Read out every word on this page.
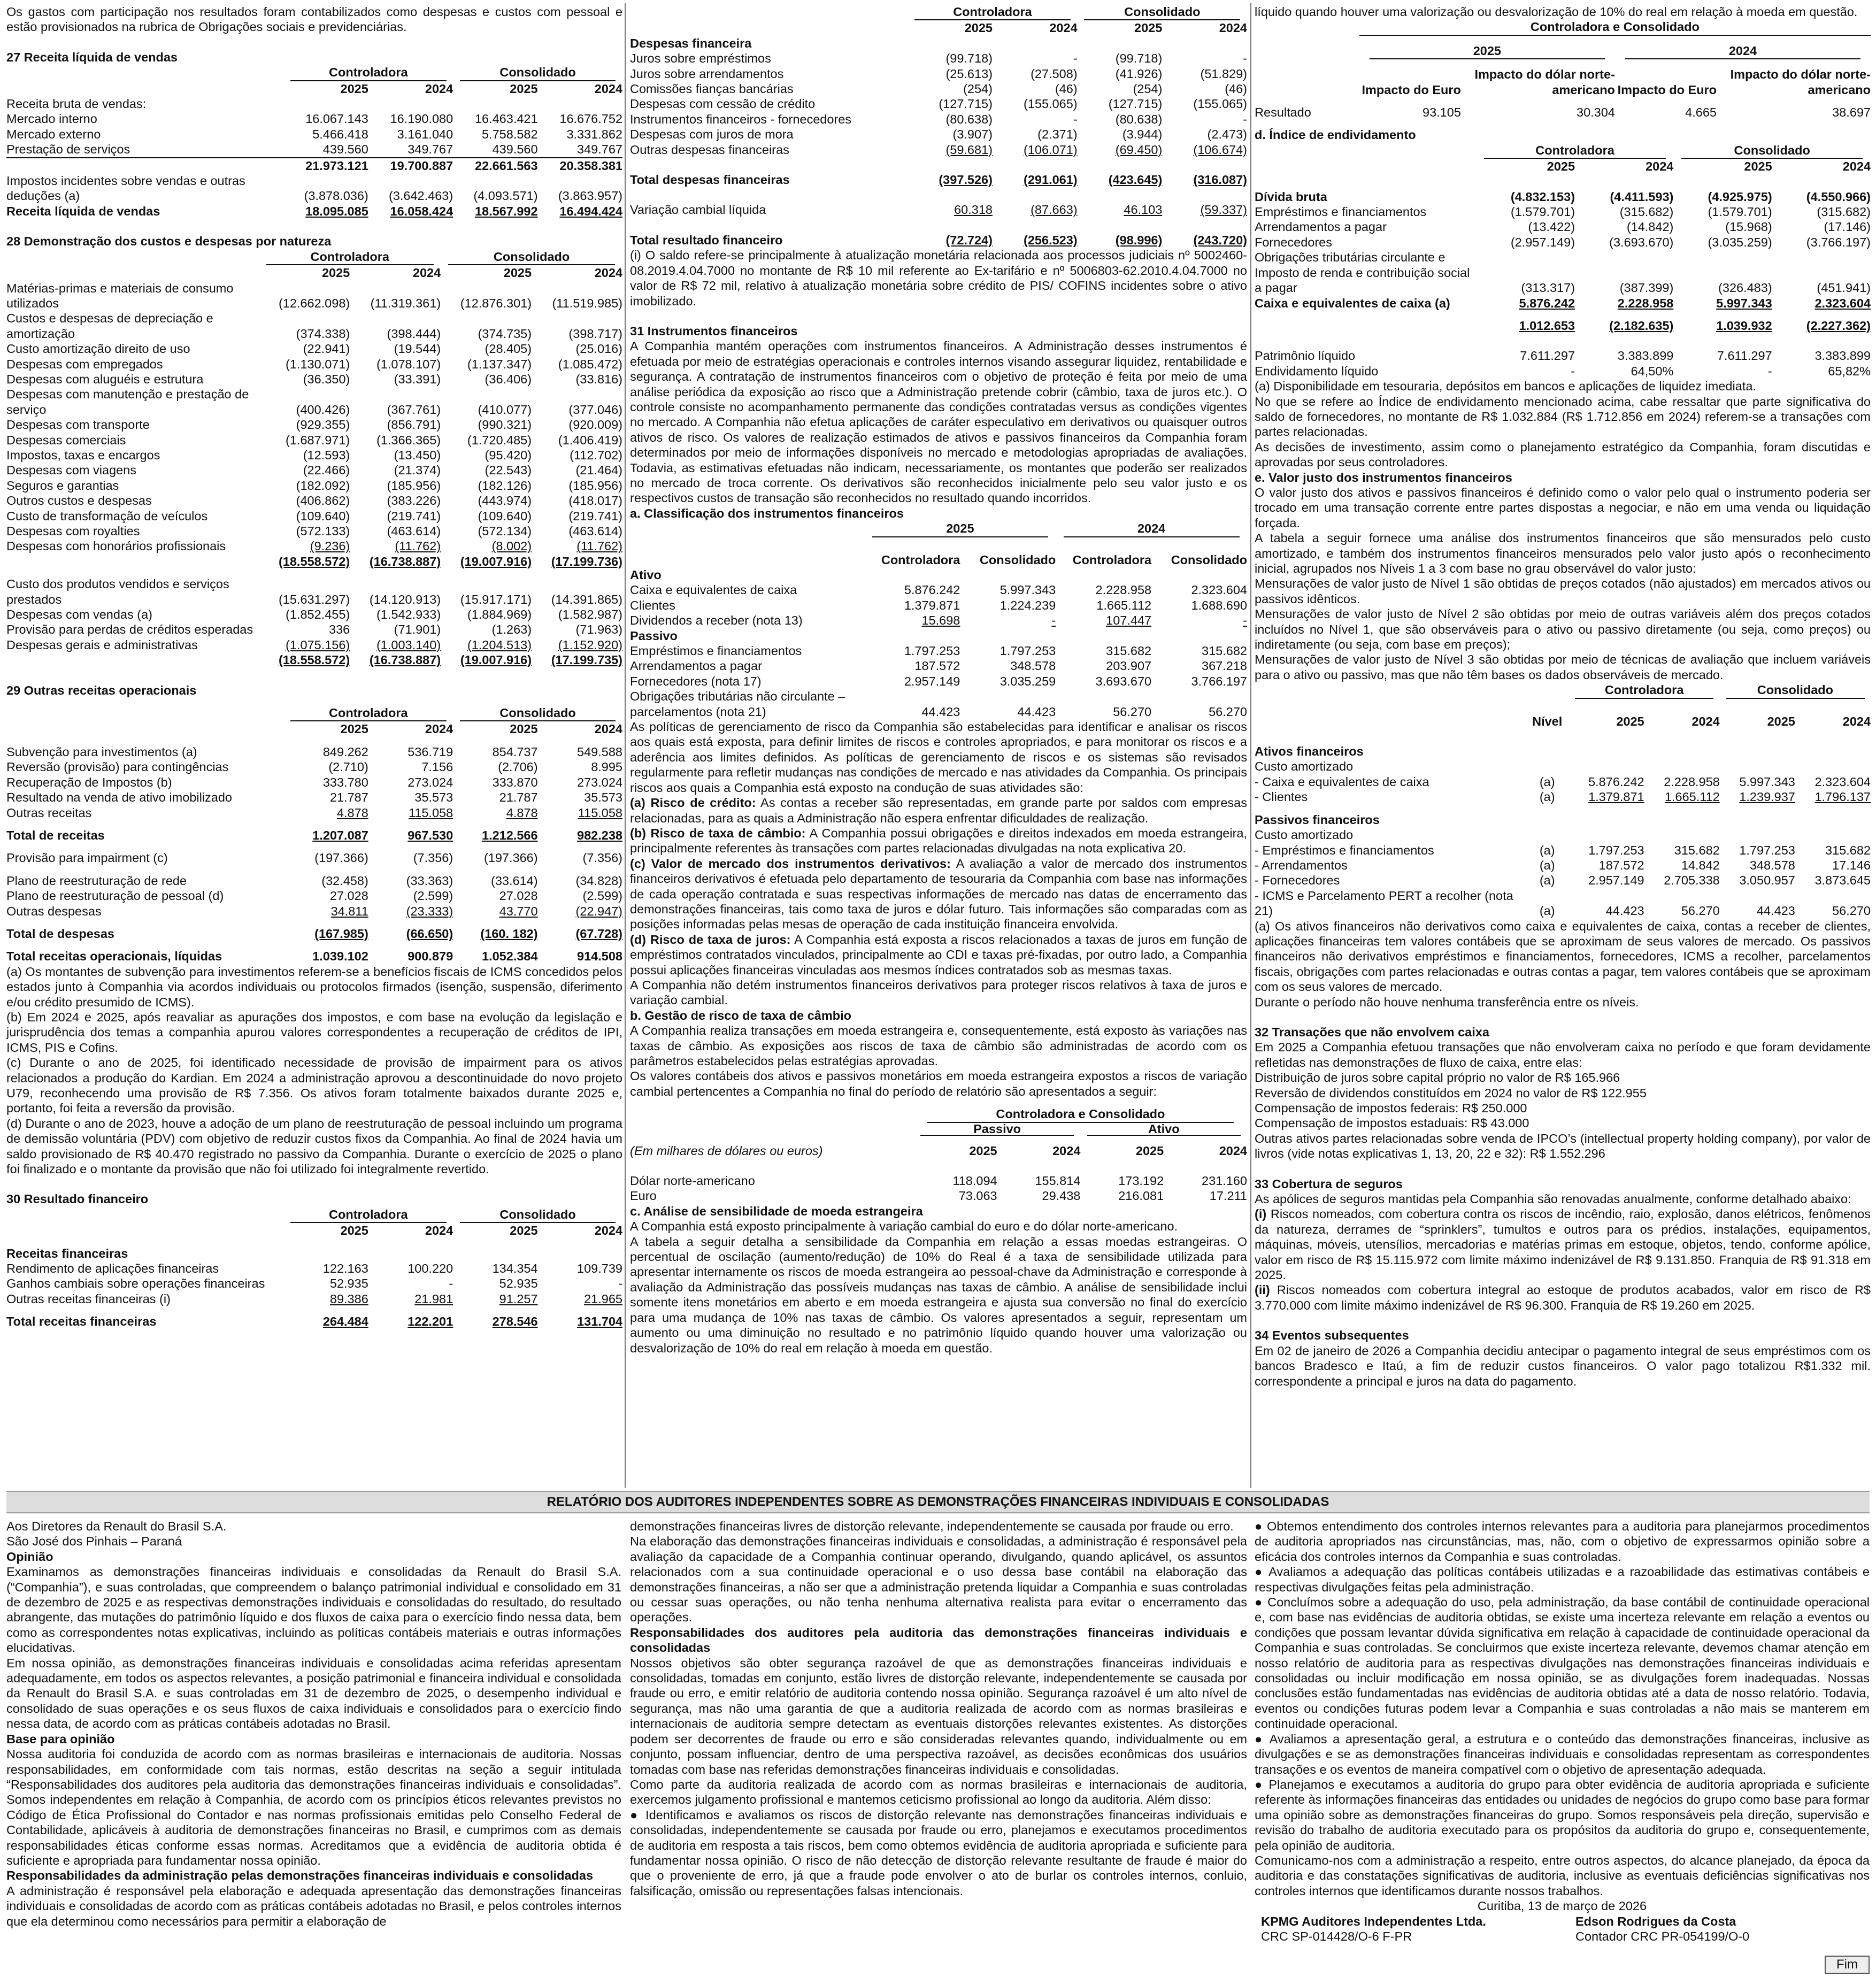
Os gastos com participação nos resultados foram contabilizados como despesas e custos com pessoal e estão provisionados na rubrica de Obrigações sociais e previdenciárias.
27 Receita líquida de vendas
	Controladora		Consolidado	
	2025	2024	2025	2024
Receita bruta de vendas:				
Mercado interno	16.067.143	16.190.080	16.463.421	16.676.752
Mercado externo	5.466.418	3.161.040	5.758.582	3.331.862
Prestação de serviços	439.560	349.767	439.560	349.767
	21.973.121	19.700.887	22.661.563	20.358.381
Impostos incidentes sobre vendas e outras deduções (a)	(3.878.036)	(3.642.463)	(4.093.571)	(3.863.957)
Receita líquida de vendas	18.095.085	16.058.424	18.567.992	16.494.424
28 Demonstração dos custos e despesas por natureza
	Controladora		Consolidado	
	2025	2024	2025	2024
Matérias-primas e materiais de consumo utilizados	(12.662.098)	(11.319.361)	(12.876.301)	(11.519.985)
Custos e despesas de depreciação e amortização	(374.338)	(398.444)	(374.735)	(398.717)
Custo amortização direito de uso	(22.941)	(19.544)	(28.405)	(25.016)
Despesas com empregados	(1.130.071)	(1.078.107)	(1.137.347)	(1.085.472)
Despesas com aluguéis e estrutura	(36.350)	(33.391)	(36.406)	(33.816)
Despesas com manutenção e prestação de serviço	(400.426)	(367.761)	(410.077)	(377.046)
Despesas com transporte	(929.355)	(856.791)	(990.321)	(920.009)
Despesas comerciais	(1.687.971)	(1.366.365)	(1.720.485)	(1.406.419)
Impostos, taxas e encargos	(12.593)	(13.450)	(95.420)	(112.702)
Despesas com viagens	(22.466)	(21.374)	(22.543)	(21.464)
Seguros e garantias	(182.092)	(185.956)	(182.126)	(185.956)
Outros custos e despesas	(406.862)	(383.226)	(443.974)	(418.017)
Custo de transformação de veículos	(109.640)	(219.741)	(109.640)	(219.741)
Despesas com royalties	(572.133)	(463.614)	(572.134)	(463.614)
Despesas com honorários profissionais	(9.236)	(11.762)	(8.002)	(11.762)
	(18.558.572)	(16.738.887)	(19.007.916)	(17.199.736)
Custo dos produtos vendidos e serviços prestados	(15.631.297)	(14.120.913)	(15.917.171)	(14.391.865)
Despesas com vendas (a)	(1.852.455)	(1.542.933)	(1.884.969)	(1.582.987)
Provisão para perdas de créditos esperadas	336	(71.901)	(1.263)	(71.963)
Despesas gerais e administrativas	(1.075.156)	(1.003.140)	(1.204.513)	(1.152.920)
	(18.558.572)	(16.738.887)	(19.007.916)	(17.199.735)
29 Outras receitas operacionais
	Controladora		Consolidado	
	2025	2024	2025	2024

Subvenção para investimentos (a)	849.262	536.719	854.737	549.588
Reversão (provisão) para contingências	(2.710)	7.156	(2.706)	8.995
Recuperação de Impostos (b)	333.780	273.024	333.870	273.024
Resultado na venda de ativo imobilizado	21.787	35.573	21.787	35.573
Outras receitas	4.878	115.058	4.878	115.058

Total de receitas	1.207.087	967.530	1.212.566	982.238

Provisão para impairment (c)	(197.366)	(7.356)	(197.366)	(7.356)

Plano de reestruturação de rede	(32.458)	(33.363)	(33.614)	(34.828)
Plano de reestruturação de pessoal (d)	27.028	(2.599)	27.028	(2.599)
Outras despesas	34.811	(23.333)	43.770	(22.947)

Total de despesas	(167.985)	(66.650)	(160. 182)	(67.728)

Total receitas operacionais, líquidas	1.039.102	900.879	1.052.384	914.508
(a) Os montantes de subvenção para investimentos referem-se a benefícios fiscais de ICMS concedidos pelos estados junto à Companhia via acordos individuais ou protocolos firmados (isenção, suspensão, diferimento e/ou crédito presumido de ICMS).
(b) Em 2024 e 2025, após reavaliar as apurações dos impostos, e com base na evolução da legislação e jurisprudência dos temas a companhia apurou valores correspondentes a recuperação de créditos de IPI, ICMS, PIS e Cofins.
(c) Durante o ano de 2025, foi identificado necessidade de provisão de impairment para os ativos relacionados a produção do Kardian. Em 2024 a administração aprovou a descontinuidade do novo projeto U79, reconhecendo uma provisão de R$ 7.356. Os ativos foram totalmente baixados durante 2025 e, portanto, foi feita a reversão da provisão.
(d) Durante o ano de 2023, houve a adoção de um plano de reestruturação de pessoal incluindo um programa de demissão voluntária (PDV) com objetivo de reduzir custos fixos da Companhia. Ao final de 2024 havia um saldo provisionado de R$ 40.470 registrado no passivo da Companhia. Durante o exercício de 2025 o plano foi finalizado e o montante da provisão que não foi utilizado foi integralmente revertido.
30 Resultado financeiro
	Controladora		Consolidado	
	2025	2024	2025	2024

Receitas financeiras				
Rendimento de aplicações financeiras	122.163	100.220	134.354	109.739
Ganhos cambiais sobre operações financeiras	52.935	-	52.935	-
Outras receitas financeiras (i)	89.386	21.981	91.257	21.965

Total receitas financeiras	264.484	122.201	278.546	131.704
	Controladora		Consolidado	
	2025	2024	2025	2024
Despesas financeira				
Juros sobre empréstimos	(99.718)	-	(99.718)	-
Juros sobre arrendamentos	(25.613)	(27.508)	(41.926)	(51.829)
Comissões fianças bancárias	(254)	(46)	(254)	(46)
Despesas com cessão de crédito	(127.715)	(155.065)	(127.715)	(155.065)
Instrumentos financeiros - fornecedores	(80.638)	-	(80.638)	-
Despesas com juros de mora	(3.907)	(2.371)	(3.944)	(2.473)
Outras despesas financeiras	(59.681)	(106.071)	(69.450)	(106.674)

Total despesas financeiras	(397.526)	(291.061)	(423.645)	(316.087)

Variação cambial líquida	60.318	(87.663)	46.103	(59.337)

Total resultado financeiro	(72.724)	(256.523)	(98.996)	(243.720)
(i) O saldo refere-se principalmente à atualização monetária relacionada aos processos judiciais nº 5002460-08.2019.4.04.7000 no montante de R$ 10 mil referente ao Ex-tarifário e nº 5006803-62.2010.4.04.7000 no valor de R$ 72 mil, relativo à atualização monetária sobre crédito de PIS/ COFINS incidentes sobre o ativo imobilizado.
31 Instrumentos financeiros
A Companhia mantém operações com instrumentos financeiros. A Administração desses instrumentos é efetuada por meio de estratégias operacionais e controles internos visando assegurar liquidez, rentabilidade e segurança. A contratação de instrumentos financeiros com o objetivo de proteção é feita por meio de uma análise periódica da exposição ao risco que a Administração pretende cobrir (câmbio, taxa de juros etc.). O controle consiste no acompanhamento permanente das condições contratadas versus as condições vigentes no mercado. A Companhia não efetua aplicações de caráter especulativo em derivativos ou quaisquer outros ativos de risco. Os valores de realização estimados de ativos e passivos financeiros da Companhia foram determinados por meio de informações disponíveis no mercado e metodologias apropriadas de avaliações. Todavia, as estimativas efetuadas não indicam, necessariamente, os montantes que poderão ser realizados no mercado de troca corrente. Os derivativos são reconhecidos inicialmente pelo seu valor justo e os respectivos custos de transação são reconhecidos no resultado quando incorridos.
a. Classificação dos instrumentos financeiros
	2025		2024	

	Controladora	Consolidado	Controladora	Consolidado
Ativo				
Caixa e equivalentes de caixa	5.876.242	5.997.343	2.228.958	2.323.604
Clientes	1.379.871	1.224.239	1.665.112	1.688.690
Dividendos a receber (nota 13)	15.698	-	107.447	-
Passivo				
Empréstimos e financiamentos	1.797.253	1.797.253	315.682	315.682
Arrendamentos a pagar	187.572	348.578	203.907	367.218
Fornecedores (nota 17)	2.957.149	3.035.259	3.693.670	3.766.197
Obrigações tributárias não circulante – parcelamentos (nota 21)	44.423	44.423	56.270	56.270
As políticas de gerenciamento de risco da Companhia são estabelecidas para identificar e analisar os riscos aos quais está exposta, para definir limites de riscos e controles apropriados, e para monitorar os riscos e a aderência aos limites definidos. As políticas de gerenciamento de riscos e os sistemas são revisados regularmente para refletir mudanças nas condições de mercado e nas atividades da Companhia. Os principais riscos aos quais a Companhia está exposto na condução de suas atividades são:
(a) Risco de crédito: As contas a receber são representadas, em grande parte por saldos com empresas relacionadas, para as quais a Administração não espera enfrentar dificuldades de realização.
(b) Risco de taxa de câmbio: A Companhia possui obrigações e direitos indexados em moeda estrangeira, principalmente referentes às transações com partes relacionadas divulgadas na nota explicativa 20.
(c) Valor de mercado dos instrumentos derivativos: A avaliação a valor de mercado dos instrumentos financeiros derivativos é efetuada pelo departamento de tesouraria da Companhia com base nas informações de cada operação contratada e suas respectivas informações de mercado nas datas de encerramento das demonstrações financeiras, tais como taxa de juros e dólar futuro. Tais informações são comparadas com as posições informadas pelas mesas de operação de cada instituição financeira envolvida.
(d) Risco de taxa de juros: A Companhia está exposta a riscos relacionados a taxas de juros em função de empréstimos contratados vinculados, principalmente ao CDI e taxas pré-fixadas, por outro lado, a Companhia possui aplicações financeiras vinculadas aos mesmos índices contratados sob as mesmas taxas.
A Companhia não detém instrumentos financeiros derivativos para proteger riscos relativos à taxa de juros e variação cambial.
b. Gestão de risco de taxa de câmbio
A Companhia realiza transações em moeda estrangeira e, consequentemente, está exposto às variações nas taxas de câmbio. As exposições aos riscos de taxa de câmbio são administradas de acordo com os parâmetros estabelecidos pelas estratégias aprovadas.
Os valores contábeis dos ativos e passivos monetários em moeda estrangeira expostos a riscos de variação cambial pertencentes a Companhia no final do período de relatório são apresentados a seguir:
	Controladora e Consolidado			
	Passivo		Ativo	

(Em milhares de dólares ou euros)	2025	2024	2025	2024

Dólar norte-americano	118.094	155.814	173.192	231.160
Euro	73.063	29.438	216.081	17.211
c. Análise de sensibilidade de moeda estrangeira
A Companhia está exposto principalmente à variação cambial do euro e do dólar norte-americano.
A tabela a seguir detalha a sensibilidade da Companhia em relação a essas moedas estrangeiras. O percentual de oscilação (aumento/redução) de 10% do Real é a taxa de sensibilidade utilizada para apresentar internamente os riscos de moeda estrangeira ao pessoal-chave da Administração e corresponde à avaliação da Administração das possíveis mudanças nas taxas de câmbio. A análise de sensibilidade inclui somente itens monetários em aberto e em moeda estrangeira e ajusta sua conversão no final do exercício para uma mudança de 10% nas taxas de câmbio. Os valores apresentados a seguir, representam um aumento ou uma diminuição no resultado e no patrimônio líquido quando houver uma valorização ou desvalorização de 10% do real em relação à moeda em questão.
líquido quando houver uma valorização ou desvalorização de 10% do real em relação à moeda em questão.
	Controladora e Consolidado			

	2025		2024	

	Impacto do Euro	Impacto do dólar norte-americano	Impacto do Euro	Impacto do dólar norte-americano

Resultado	93.105	30.304	4.665	38.697
d. Índice de endividamento
	Controladora		Consolidado	
	2025	2024	2025	2024

Dívida bruta	(4.832.153)	(4.411.593)	(4.925.975)	(4.550.966)
Empréstimos e financiamentos	(1.579.701)	(315.682)	(1.579.701)	(315.682)
Arrendamentos a pagar	(13.422)	(14.842)	(15.968)	(17.146)
Fornecedores	(2.957.149)	(3.693.670)	(3.035.259)	(3.766.197)
Obrigações tributárias circulante e Imposto de renda e contribuição social a pagar	(313.317)	(387.399)	(326.483)	(451.941)
Caixa e equivalentes de caixa (a)	5.876.242	2.228.958	5.997.343	2.323.604

	1.012.653	(2.182.635)	1.039.932	(2.227.362)

Patrimônio líquido	7.611.297	3.383.899	7.611.297	3.383.899
Endividamento líquido	-	64,50%	-	65,82%
(a) Disponibilidade em tesouraria, depósitos em bancos e aplicações de liquidez imediata.
No que se refere ao Índice de endividamento mencionado acima, cabe ressaltar que parte significativa do saldo de fornecedores, no montante de R$ 1.032.884 (R$ 1.712.856 em 2024) referem-se a transações com partes relacionadas.
As decisões de investimento, assim como o planejamento estratégico da Companhia, foram discutidas e aprovadas por seus controladores.
e. Valor justo dos instrumentos financeiros
O valor justo dos ativos e passivos financeiros é definido como o valor pelo qual o instrumento poderia ser trocado em uma transação corrente entre partes dispostas a negociar, e não em uma venda ou liquidação forçada.
A tabela a seguir fornece uma análise dos instrumentos financeiros que são mensurados pelo custo amortizado, e também dos instrumentos financeiros mensurados pelo valor justo após o reconhecimento inicial, agrupados nos Níveis 1 a 3 com base no grau observável do valor justo:
Mensurações de valor justo de Nível 1 são obtidas de preços cotados (não ajustados) em mercados ativos ou passivos idênticos.
Mensurações de valor justo de Nível 2 são obtidas por meio de outras variáveis além dos preços cotados incluídos no Nível 1, que são observáveis para o ativo ou passivo diretamente (ou seja, como preços) ou indiretamente (ou seja, com base em preços);
Mensurações de valor justo de Nível 3 são obtidas por meio de técnicas de avaliação que incluem variáveis para o ativo ou passivo, mas que não têm bases os dados observáveis de mercado.
		Controladora		Consolidado	

	Nível	2025	2024	2025	2024

Ativos financeiros					
Custo amortizado					
- Caixa e equivalentes de caixa	(a)	5.876.242	2.228.958	5.997.343	2.323.604
- Clientes	(a)	1.379.871	1.665.112	1.239.937	1.796.137

Passivos financeiros					
Custo amortizado					
- Empréstimos e financiamentos	(a)	1.797.253	315.682	1.797.253	315.682
- Arrendamentos	(a)	187.572	14.842	348.578	17.146
- Fornecedores	(a)	2.957.149	2.705.338	3.050.957	3.873.645
- ICMS e Parcelamento PERT a recolher (nota 21)	(a)	44.423	56.270	44.423	56.270
(a) Os ativos financeiros não derivativos como caixa e equivalentes de caixa, contas a receber de clientes, aplicações financeiras tem valores contábeis que se aproximam de seus valores de mercado. Os passivos financeiros não derivativos empréstimos e financiamentos, fornecedores, ICMS a recolher, parcelamentos fiscais, obrigações com partes relacionadas e outras contas a pagar, tem valores contábeis que se aproximam com os seus valores de mercado.
Durante o período não houve nenhuma transferência entre os níveis.
32 Transações que não envolvem caixa
Em 2025 a Companhia efetuou transações que não envolveram caixa no período e que foram devidamente refletidas nas demonstrações de fluxo de caixa, entre elas:
Distribuição de juros sobre capital próprio no valor de R$ 165.966
Reversão de dividendos constituídos em 2024 no valor de R$ 122.955
Compensação de impostos federais: R$ 250.000
Compensação de impostos estaduais: R$ 43.000
Outras ativos partes relacionadas sobre venda de IPCO’s (intellectual property holding company), por valor de livros (vide notas explicativas 1, 13, 20, 22 e 32): R$ 1.552.296
33 Cobertura de seguros
As apólices de seguros mantidas pela Companhia são renovadas anualmente, conforme detalhado abaixo:
(i) Riscos nomeados, com cobertura contra os riscos de incêndio, raio, explosão, danos elétricos, fenômenos da natureza, derrames de “sprinklers”, tumultos e outros para os prédios, instalações, equipamentos, máquinas, móveis, utensílios, mercadorias e matérias primas em estoque, objetos, tendo, conforme apólice, valor em risco de R$ 15.115.972 com limite máximo indenizável de R$ 9.131.850. Franquia de R$ 91.318 em 2025.
(ii) Riscos nomeados com cobertura integral ao estoque de produtos acabados, valor em risco de R$ 3.770.000 com limite máximo indenizável de R$ 96.300. Franquia de R$ 19.260 em 2025.
34 Eventos subsequentes
Em 02 de janeiro de 2026 a Companhia decidiu antecipar o pagamento integral de seus empréstimos com os bancos Bradesco e Itaú, a fim de reduzir custos financeiros. O valor pago totalizou R$1.332 mil. correspondente a principal e juros na data do pagamento.
RELATÓRIO DOS AUDITORES INDEPENDENTES SOBRE AS DEMONSTRAÇÕES FINANCEIRAS INDIVIDUAIS E CONSOLIDADAS
Aos Diretores da Renault do Brasil S.A.
São José dos Pinhais – Paraná
Opinião
Examinamos as demonstrações financeiras individuais e consolidadas da Renault do Brasil S.A. (“Companhia”), e suas controladas, que compreendem o balanço patrimonial individual e consolidado em 31 de dezembro de 2025 e as respectivas demonstrações individuais e consolidadas do resultado, do resultado abrangente, das mutações do patrimônio líquido e dos fluxos de caixa para o exercício findo nessa data, bem como as correspondentes notas explicativas, incluindo as políticas contábeis materiais e outras informações elucidativas.
Em nossa opinião, as demonstrações financeiras individuais e consolidadas acima referidas apresentam adequadamente, em todos os aspectos relevantes, a posição patrimonial e financeira individual e consolidada da Renault do Brasil S.A. e suas controladas em 31 de dezembro de 2025, o desempenho individual e consolidado de suas operações e os seus fluxos de caixa individuais e consolidados para o exercício findo nessa data, de acordo com as práticas contábeis adotadas no Brasil.
Base para opinião
Nossa auditoria foi conduzida de acordo com as normas brasileiras e internacionais de auditoria. Nossas responsabilidades, em conformidade com tais normas, estão descritas na seção a seguir intitulada “Responsabilidades dos auditores pela auditoria das demonstrações financeiras individuais e consolidadas”. Somos independentes em relação à Companhia, de acordo com os princípios éticos relevantes previstos no Código de Ética Profissional do Contador e nas normas profissionais emitidas pelo Conselho Federal de Contabilidade, aplicáveis à auditoria de demonstrações financeiras no Brasil, e cumprimos com as demais responsabilidades éticas conforme essas normas. Acreditamos que a evidência de auditoria obtida é suficiente e apropriada para fundamentar nossa opinião.
Responsabilidades da administração pelas demonstrações financeiras individuais e consolidadas
A administração é responsável pela elaboração e adequada apresentação das demonstrações financeiras individuais e consolidadas de acordo com as práticas contábeis adotadas no Brasil, e pelos controles internos que ela determinou como necessários para permitir a elaboração de
demonstrações financeiras livres de distorção relevante, independentemente se causada por fraude ou erro.
Na elaboração das demonstrações financeiras individuais e consolidadas, a administração é responsável pela avaliação da capacidade de a Companhia continuar operando, divulgando, quando aplicável, os assuntos relacionados com a sua continuidade operacional e o uso dessa base contábil na elaboração das demonstrações financeiras, a não ser que a administração pretenda liquidar a Companhia e suas controladas ou cessar suas operações, ou não tenha nenhuma alternativa realista para evitar o encerramento das operações.
Responsabilidades dos auditores pela auditoria das demonstrações financeiras individuais e consolidadas
Nossos objetivos são obter segurança razoável de que as demonstrações financeiras individuais e consolidadas, tomadas em conjunto, estão livres de distorção relevante, independentemente se causada por fraude ou erro, e emitir relatório de auditoria contendo nossa opinião. Segurança razoável é um alto nível de segurança, mas não uma garantia de que a auditoria realizada de acordo com as normas brasileiras e internacionais de auditoria sempre detectam as eventuais distorções relevantes existentes. As distorções podem ser decorrentes de fraude ou erro e são consideradas relevantes quando, individualmente ou em conjunto, possam influenciar, dentro de uma perspectiva razoável, as decisões econômicas dos usuários tomadas com base nas referidas demonstrações financeiras individuais e consolidadas.
Como parte da auditoria realizada de acordo com as normas brasileiras e internacionais de auditoria, exercemos julgamento profissional e mantemos ceticismo profissional ao longo da auditoria. Além disso:
● Identificamos e avaliamos os riscos de distorção relevante nas demonstrações financeiras individuais e consolidadas, independentemente se causada por fraude ou erro, planejamos e executamos procedimentos de auditoria em resposta a tais riscos, bem como obtemos evidência de auditoria apropriada e suficiente para fundamentar nossa opinião. O risco de não detecção de distorção relevante resultante de fraude é maior do que o proveniente de erro, já que a fraude pode envolver o ato de burlar os controles internos, conluio, falsificação, omissão ou representações falsas intencionais.
● Obtemos entendimento dos controles internos relevantes para a auditoria para planejarmos procedimentos de auditoria apropriados nas circunstâncias, mas, não, com o objetivo de expressarmos opinião sobre a eficácia dos controles internos da Companhia e suas controladas.
● Avaliamos a adequação das políticas contábeis utilizadas e a razoabilidade das estimativas contábeis e respectivas divulgações feitas pela administração.
● Concluímos sobre a adequação do uso, pela administração, da base contábil de continuidade operacional e, com base nas evidências de auditoria obtidas, se existe uma incerteza relevante em relação a eventos ou condições que possam levantar dúvida significativa em relação à capacidade de continuidade operacional da Companhia e suas controladas. Se concluirmos que existe incerteza relevante, devemos chamar atenção em nosso relatório de auditoria para as respectivas divulgações nas demonstrações financeiras individuais e consolidadas ou incluir modificação em nossa opinião, se as divulgações forem inadequadas. Nossas conclusões estão fundamentadas nas evidências de auditoria obtidas até a data de nosso relatório. Todavia, eventos ou condições futuras podem levar a Companhia e suas controladas a não mais se manterem em continuidade operacional.
● Avaliamos a apresentação geral, a estrutura e o conteúdo das demonstrações financeiras, inclusive as divulgações e se as demonstrações financeiras individuais e consolidadas representam as correspondentes transações e os eventos de maneira compatível com o objetivo de apresentação adequada.
● Planejamos e executamos a auditoria do grupo para obter evidência de auditoria apropriada e suficiente referente às informações financeiras das entidades ou unidades de negócios do grupo como base para formar uma opinião sobre as demonstrações financeiras do grupo. Somos responsáveis pela direção, supervisão e revisão do trabalho de auditoria executado para os propósitos da auditoria do grupo e, consequentemente, pela opinião de auditoria.
Comunicamo-nos com a administração a respeito, entre outros aspectos, do alcance planejado, da época da auditoria e das constatações significativas de auditoria, inclusive as eventuais deficiências significativas nos controles internos que identificamos durante nossos trabalhos.
Curitiba, 13 de março de 2026
KPMG Auditores Independentes Ltda.
CRC SP-014428/O-6 F-PR
Edson Rodrigues da Costa
Contador CRC PR-054199/O-0
Fim
